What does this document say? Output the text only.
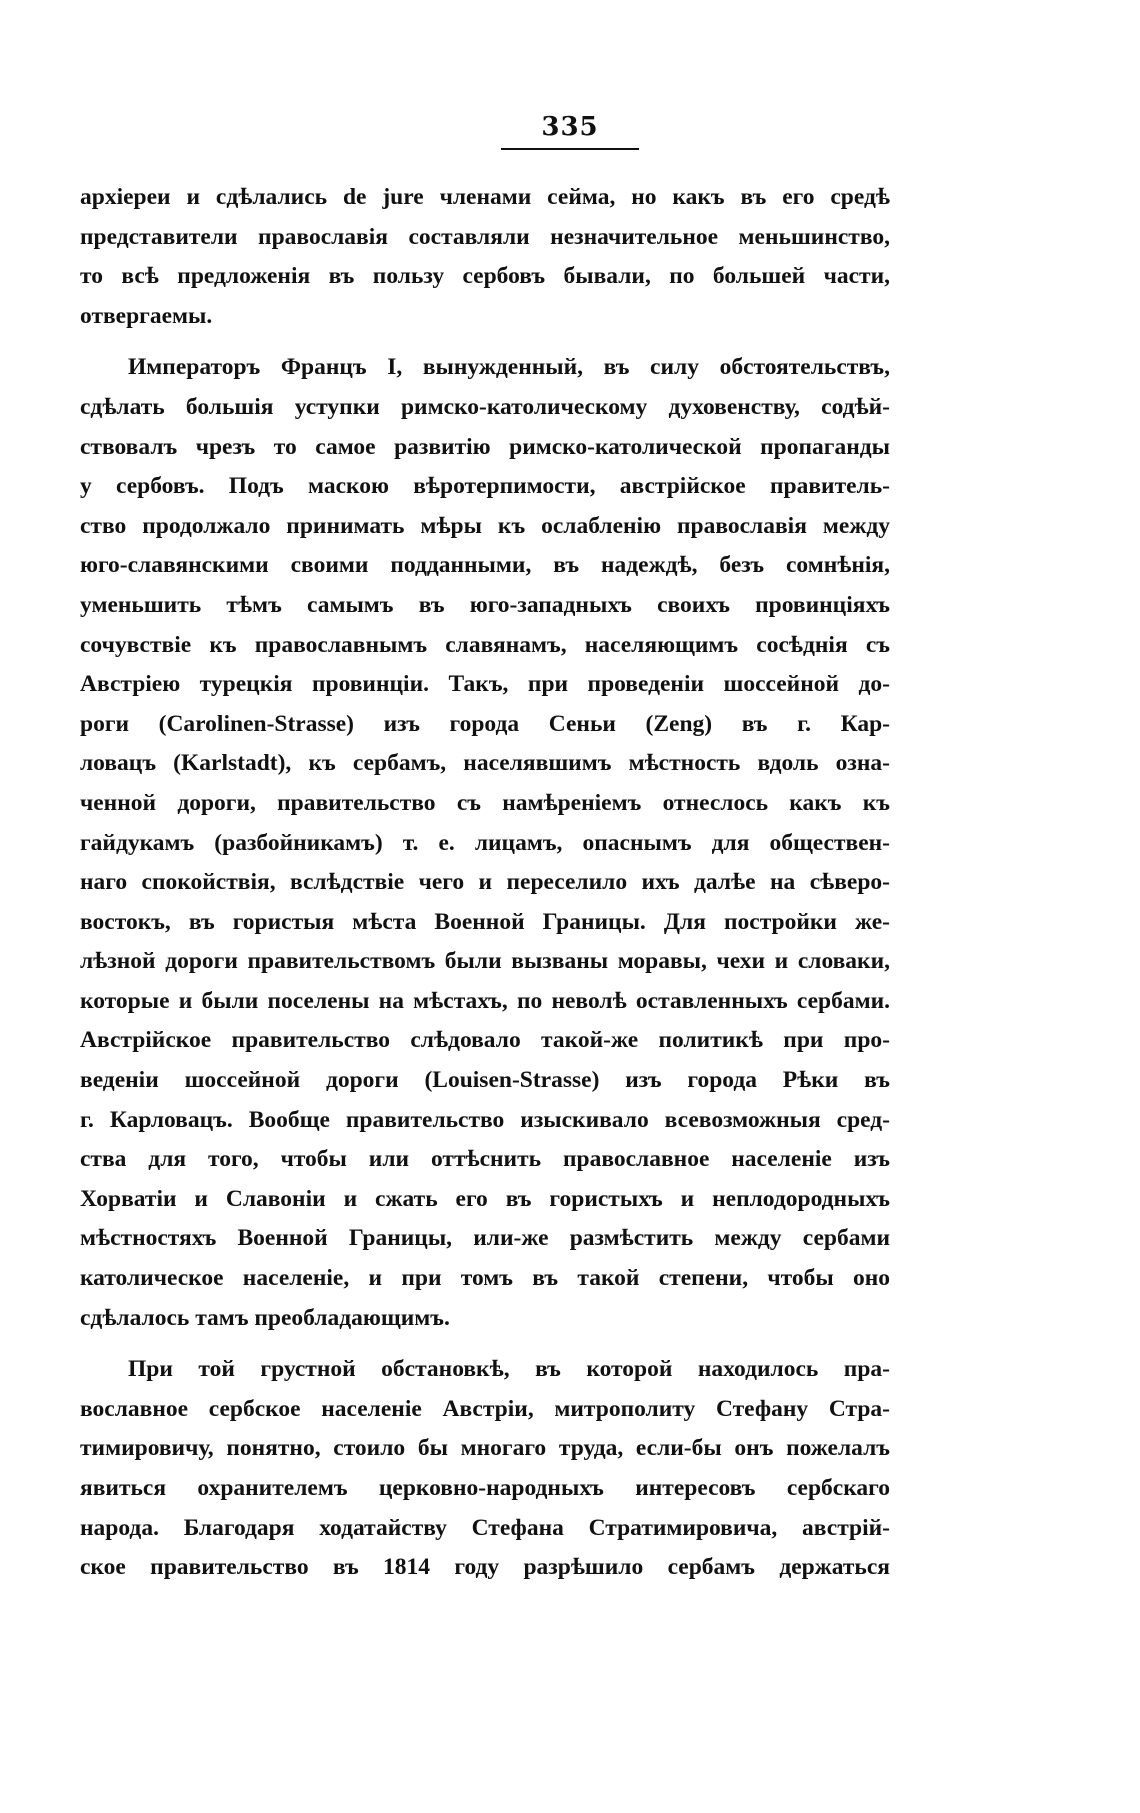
335
архіереи и сдѣлались de jure членами сейма, но какъ въ его средѣ
представители православія составляли незначительное меньшинство,
то всѣ предложенія въ пользу сербовъ бывали, по большей части,
отвергаемы.
Императоръ Францъ I, вынужденный, въ силу обстоятельствъ,
сдѣлать большія уступки римско-католическому духовенству, содѣй-
ствовалъ чрезъ то самое развитію римско-католической пропаганды
у сербовъ. Подъ маскою вѣротерпимости, австрійское правитель-
ство продолжало принимать мѣры къ ослабленію православія между
юго-славянскими своими подданными, въ надеждѣ, безъ сомнѣнія,
уменьшить тѣмъ самымъ въ юго-западныхъ своихъ провинціяхъ
сочувствіе къ православнымъ славянамъ, населяющимъ сосѣднія съ
Австріею турецкія провинціи. Такъ, при проведеніи шоссейной до-
роги (Carolinen-Strasse) изъ города Сеньи (Zeng) въ г. Кар-
ловацъ (Karlstadt), къ сербамъ, населявшимъ мѣстность вдоль озна-
ченной дороги, правительство съ намѣреніемъ отнеслось какъ къ
гайдукамъ (разбойникамъ) т. е. лицамъ, опаснымъ для обществен-
наго спокойствія, вслѣдствіе чего и переселило ихъ далѣе на сѣверо-
востокъ, въ гористыя мѣста Военной Границы. Для постройки же-
лѣзной дороги правительствомъ были вызваны моравы, чехи и словаки,
которые и были поселены на мѣстахъ, по неволѣ оставленныхъ сербами.
Австрійское правительство слѣдовало такой-же политикѣ при про-
веденіи шоссейной дороги (Louisen-Strasse) изъ города Рѣки въ
г. Карловацъ. Вообще правительство изыскивало всевозможныя сред-
ства для того, чтобы или оттѣснить православное населеніе изъ
Хорватіи и Славоніи и сжать его въ гористыхъ и неплодородныхъ
мѣстностяхъ Военной Границы, или-же размѣстить между сербами
католическое населеніе, и при томъ въ такой степени, чтобы оно
сдѣлалось тамъ преобладающимъ.
При той грустной обстановкѣ, въ которой находилось пра-
вославное сербское населеніе Австріи, митрополиту Стефану Стра-
тимировичу, понятно, стоило бы многаго труда, если-бы онъ пожелалъ
явиться охранителемъ церковно-народныхъ интересовъ сербскаго
народа. Благодаря ходатайству Стефана Стратимировича, австрій-
ское правительство въ 1814 году разрѣшило сербамъ держаться
